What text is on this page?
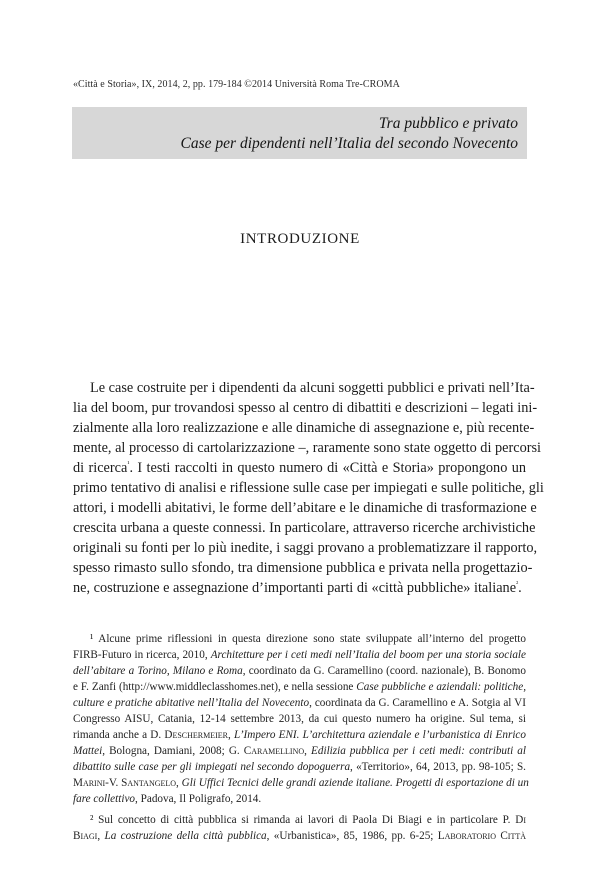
«Città e Storia», IX, 2014, 2, pp. 179-184 ©2014 Università Roma Tre-CROMA
Tra pubblico e privato
Case per dipendenti nell’Italia del secondo Novecento
INTRODUZIONE
Le case costruite per i dipendenti da alcuni soggetti pubblici e privati nell’Ita-
lia del boom, pur trovandosi spesso al centro di dibattiti e descrizioni – legati ini-
zialmente alla loro realizzazione e alle dinamiche di assegnazione e, più recente-
mente, al processo di cartolarizzazione –, raramente sono state oggetto di percorsi
di ricerca$^{^1}$. I testi raccolti in questo numero di «Città e Storia» propongono un
primo tentativo di analisi e riflessione sulle case per impiegati e sulle politiche, gli
attori, i modelli abitativi, le forme dell’abitare e le dinamiche di trasformazione e
crescita urbana a queste connessi. In particolare, attraverso ricerche archivistiche
originali su fonti per lo più inedite, i saggi provano a problematizzare il rapporto,
spesso rimasto sullo sfondo, tra dimensione pubblica e privata nella progettazio-
ne, costruzione e assegnazione d’importanti parti di «città pubbliche» italiane$^{^2}$.
¹ Alcune prime riflessioni in questa direzione sono state sviluppate all’interno del progetto
FIRB-Futuro in ricerca, 2010, Architetture per i ceti medi nell’Italia del boom per una storia sociale
dell’abitare a Torino, Milano e Roma, coordinato da G. Caramellino (coord. nazionale), B. Bonomo
e F. Zanfi (http://www.middleclasshomes.net), e nella sessione Case pubbliche e aziendali: politiche,
culture e pratiche abitative nell’Italia del Novecento, coordinata da G. Caramellino e A. Sotgia al VI
Congresso AISU, Catania, 12-14 settembre 2013, da cui questo numero ha origine. Sul tema, si
rimanda anche a D. Deschermeier, L’Impero ENI. L’architettura aziendale e l’urbanistica di Enrico
Mattei, Bologna, Damiani, 2008; G. Caramellino, Edilizia pubblica per i ceti medi: contributi al
dibattito sulle case per gli impiegati nel secondo dopoguerra, «Territorio», 64, 2013, pp. 98-105; S.
Marini-V. Santangelo, Gli Uffici Tecnici delle grandi aziende italiane. Progetti di esportazione di un
fare collettivo, Padova, Il Poligrafo, 2014.
² Sul concetto di città pubblica si rimanda ai lavori di Paola Di Biagi e in particolare P. Di
Biagi, La costruzione della città pubblica, «Urbanistica», 85, 1986, pp. 6-25; Laboratorio Città
